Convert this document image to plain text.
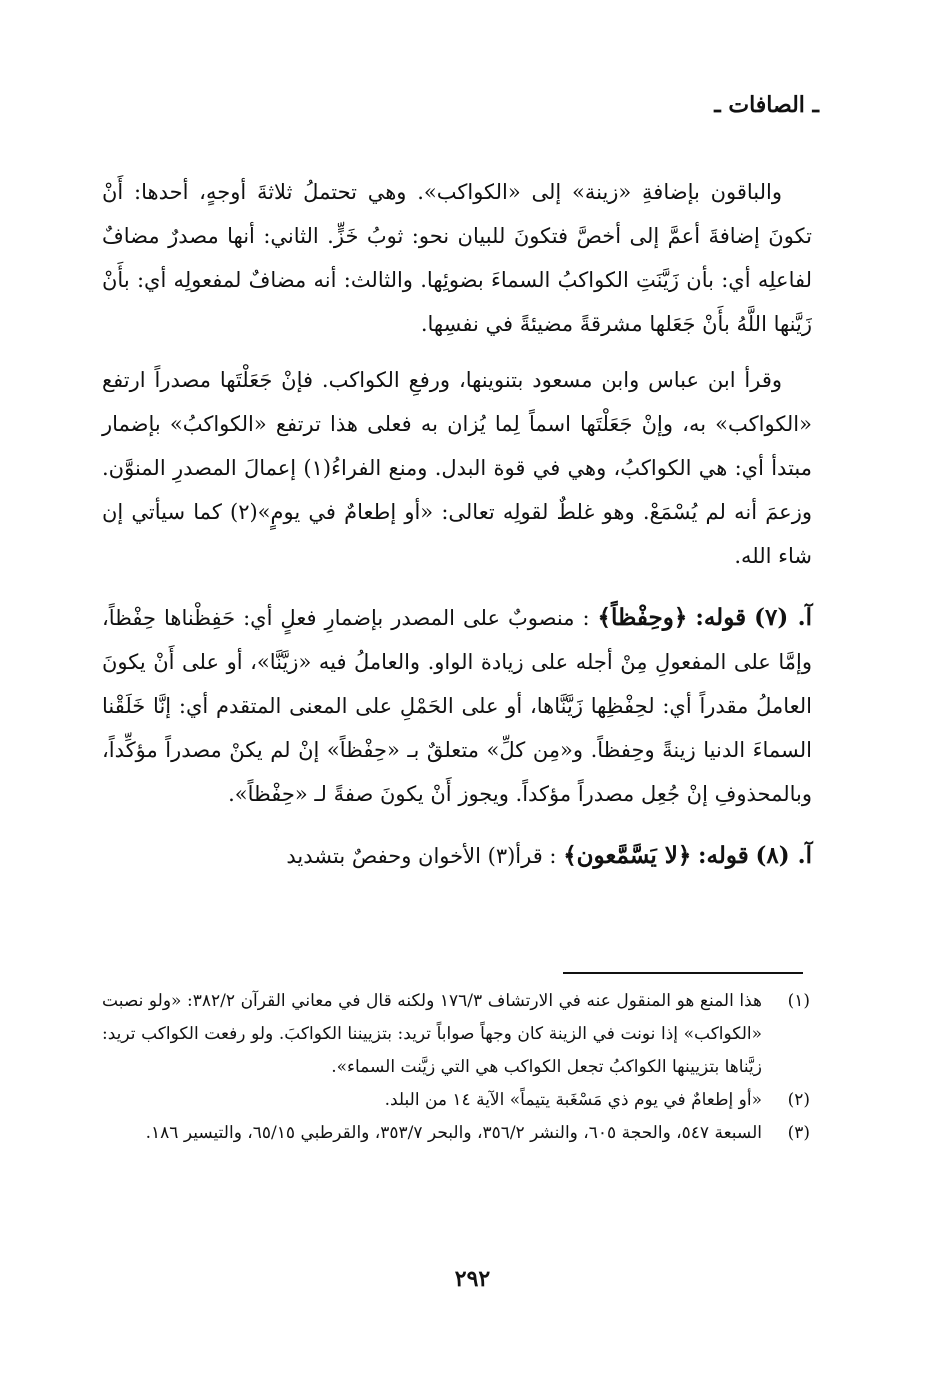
ـ الصافات ـ

والباقون بإضافةِ «زينة» إلى «الكواكب». وهي تحتملُ ثلاثةَ أوجهٍ، أحدها: أَنْ تكونَ إضافةَ أعمَّ إلى أخصَّ فتكونَ للبيان نحو: ثوبُ خَزٍّ. الثاني: أنها مصدرٌ مضافٌ لفاعلِه أي: بأن زَيَّنَتِ الكواكبُ السماءَ بضوئِها. والثالث: أنه مضافٌ لمفعولِه أي: بأَنْ زَيَّنها اللَّهُ بأَنْ جَعَلها مشرقةً مضيئةً في نفسِها.

وقرأ ابن عباس وابن مسعود بتنوينها، ورفعِ الكواكب. فإنْ جَعَلْتَها مصدراً ارتفع «الكواكب» به، وإنْ جَعَلْتَها اسماً لِما يُزان به فعلى هذا ترتفع «الكواكبُ» بإضمار مبتدأ أي: هي الكواكبُ، وهي في قوة البدل. ومنع الفراءُ(١) إعمالَ المصدرِ المنوَّن. وزعمَ أنه لم يُسْمَعْ. وهو غلطٌ لقولِه تعالى: «أو إطعامٌ في يومٍ»(٢) كما سيأتي إن شاء الله.

آ. (٧) قوله: ﴿وحِفْظاً﴾ : منصوبٌ على المصدر بإضمارِ فعلٍ أي: حَفِظْناها حِفْظاً، وإمَّا على المفعولِ مِنْ أجله على زيادة الواو. والعاملُ فيه «زيَّنَّا»، أو على أَنْ يكونَ العاملُ مقدراً أي: لحِفْظِها زَيَّنَّاها، أو على الحَمْلِ على المعنى المتقدم أي: إنَّا خَلَقْنا السماءَ الدنيا زينةً وحِفظاً. و«مِن كلِّ» متعلقٌ بـ «حِفْظاً» إنْ لم يكنْ مصدراً مؤكِّداً، وبالمحذوفِ إنْ جُعِل مصدراً مؤكداً. ويجوز أَنْ يكونَ صفةً لـ «حِفْظاً».

آ. (٨) قوله: ﴿لا يَسَّمَّعون﴾ : قرأ(٣) الأخوان وحفصٌ بتشديد

(١)
هذا المنع هو المنقول عنه في الارتشاف ١٧٦/٣ ولكنه قال في معاني القرآن ٣٨٢/٢: «ولو نصبت «الكواكب» إذا نونت في الزينة كان وجهاً صواباً تريد: بتزييننا الكواكبَ. ولو رفعت الكواكب تريد: زيَّناها بتزيينها الكواكبُ تجعل الكواكب هي التي زيَّنت السماء».
(٢)
«أو إطعامٌ في يوم ذي مَسْغَبة يتيماً» الآية ١٤ من البلد.
(٣)
السبعة ٥٤٧، والحجة ٦٠٥، والنشر ٣٥٦/٢، والبحر ٣٥٣/٧، والقرطبي ٦٥/١٥، والتيسير ١٨٦.
٢٩٢
